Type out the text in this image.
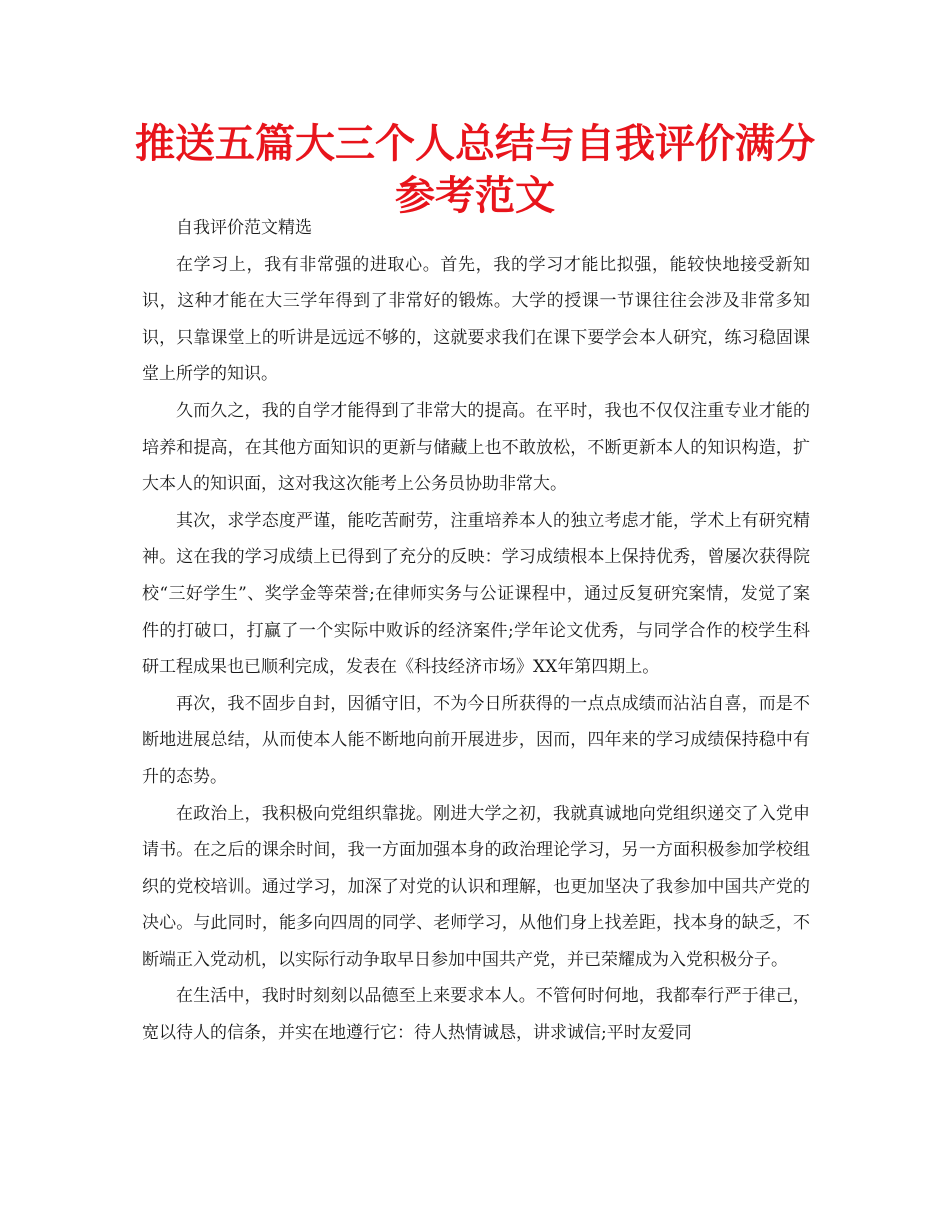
推送五篇大三个人总结与自我评价满分参考范文

自我评价范文精选

在学习上，我有非常强的进取心。首先，我的学习才能比拟强，能较快地接受新知识，这种才能在大三学年得到了非常好的锻炼。大学的授课一节课往往会涉及非常多知识，只靠课堂上的听讲是远远不够的，这就要求我们在课下要学会本人研究，练习稳固课堂上所学的知识。

久而久之，我的自学才能得到了非常大的提高。在平时，我也不仅仅注重专业才能的培养和提高，在其他方面知识的更新与储藏上也不敢放松，不断更新本人的知识构造，扩大本人的知识面，这对我这次能考上公务员协助非常大。

其次，求学态度严谨，能吃苦耐劳，注重培养本人的独立考虑才能，学术上有研究精神。这在我的学习成绩上已得到了充分的反映：学习成绩根本上保持优秀，曾屡次获得院校“三好学生”、奖学金等荣誉;在律师实务与公证课程中，通过反复研究案情，发觉了案件的打破口，打赢了一个实际中败诉的经济案件;学年论文优秀，与同学合作的校学生科研工程成果也已顺利完成，发表在《科技经济市场》XX年第四期上。

再次，我不固步自封，因循守旧，不为今日所获得的一点点成绩而沾沾自喜，而是不断地进展总结，从而使本人能不断地向前开展进步，因而，四年来的学习成绩保持稳中有升的态势。

在政治上，我积极向党组织靠拢。刚进大学之初，我就真诚地向党组织递交了入党申请书。在之后的课余时间，我一方面加强本身的政治理论学习，另一方面积极参加学校组织的党校培训。通过学习，加深了对党的认识和理解，也更加坚决了我参加中国共产党的决心。与此同时，能多向四周的同学、老师学习，从他们身上找差距，找本身的缺乏，不断端正入党动机，以实际行动争取早日参加中国共产党，并已荣耀成为入党积极分子。

在生活中，我时时刻刻以品德至上来要求本人。不管何时何地，我都奉行严于律己，宽以待人的信条，并实在地遵行它：待人热情诚恳，讲求诚信;平时友爱同
